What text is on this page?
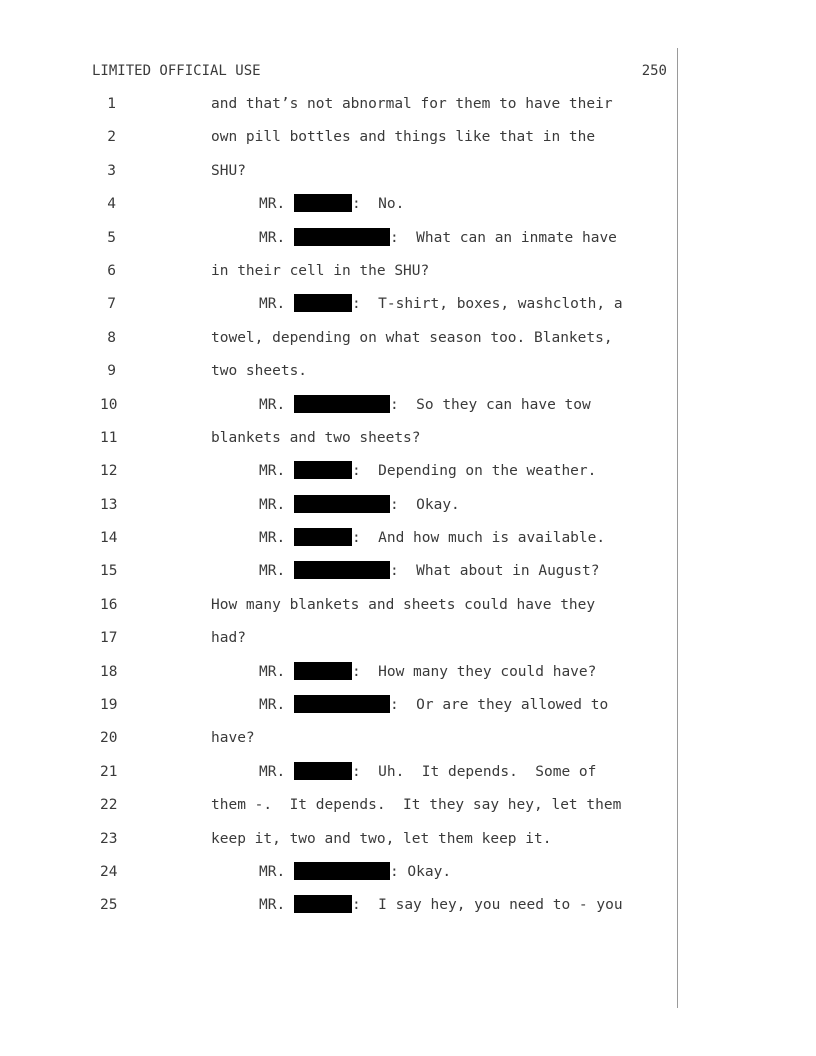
LIMITED OFFICIAL USE	250
1	and that’s not abnormal for them to have their
2	own pill bottles and things like that in the
3	SHU?
4	MR.	:  No.
5	MR.	:  What can an inmate have
6	in their cell in the SHU?
7	MR.	:  T-shirt, boxes, washcloth, a
8	towel, depending on what season too. Blankets,
9	two sheets.
10	MR.	:  So they can have tow
11	blankets and two sheets?
12	MR.	:  Depending on the weather.
13	MR.	:  Okay.
14	MR.	:  And how much is available.
15	MR.	:  What about in August?
16	How many blankets and sheets could have they
17	had?
18	MR.	:  How many they could have?
19	MR.	:  Or are they allowed to
20	have?
21	MR.	:  Uh.  It depends.  Some of
22	them -.  It depends.  It they say hey, let them
23	keep it, two and two, let them keep it.
24	MR.	: Okay.
25	MR.	:  I say hey, you need to - you
